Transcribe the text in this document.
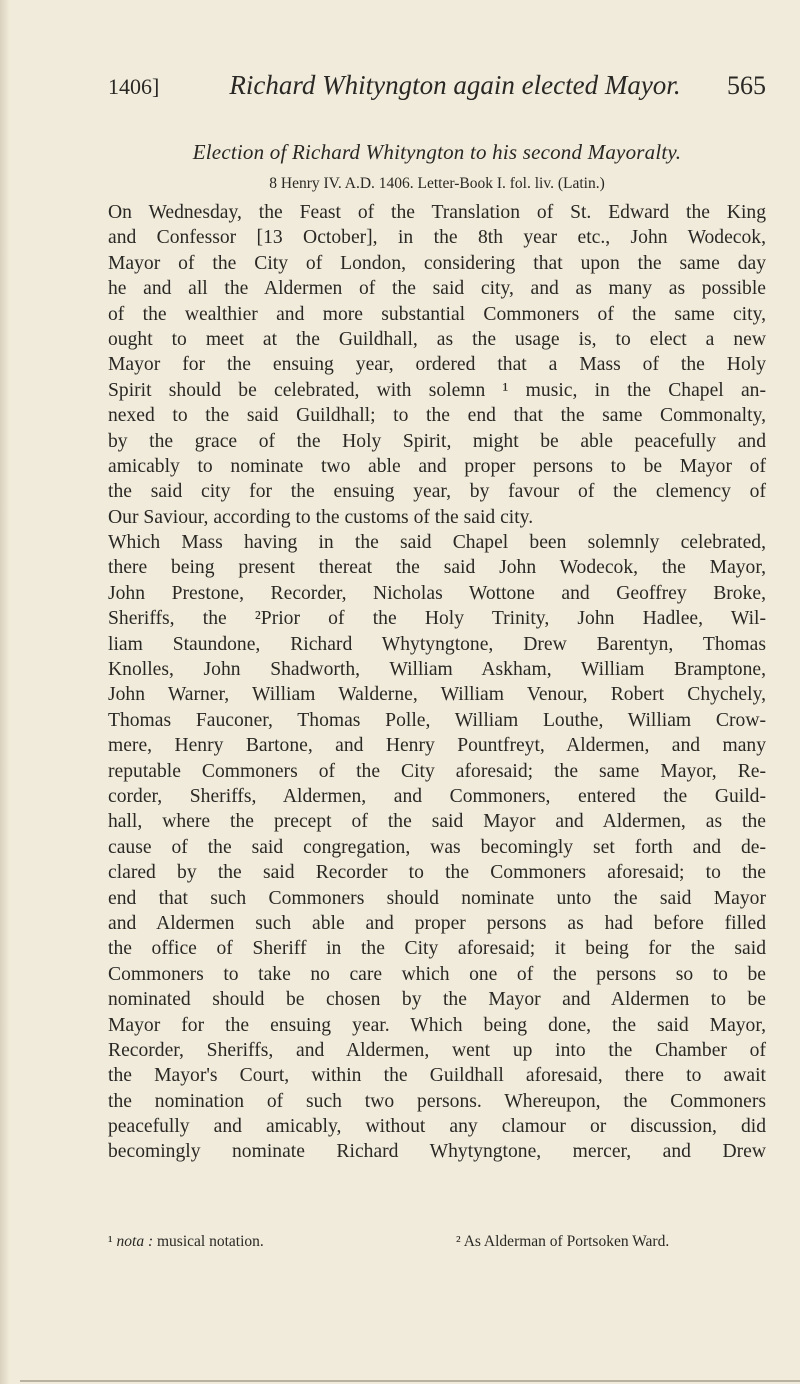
1406]	Richard Whityngton again elected Mayor.	565
Election of Richard Whityngton to his second Mayoralty.
8 Henry IV. A.D. 1406. Letter-Book I. fol. liv. (Latin.)
On Wednesday, the Feast of the Translation of St. Edward the King
and Confessor [13 October], in the 8th year etc., John Wodecok,
Mayor of the City of London, considering that upon the same day
he and all the Aldermen of the said city, and as many as possible
of the wealthier and more substantial Commoners of the same city,
ought to meet at the Guildhall, as the usage is, to elect a new
Mayor for the ensuing year, ordered that a Mass of the Holy
Spirit should be celebrated, with solemn ¹ music, in the Chapel an-
nexed to the said Guildhall; to the end that the same Commonalty,
by the grace of the Holy Spirit, might be able peacefully and
amicably to nominate two able and proper persons to be Mayor of
the said city for the ensuing year, by favour of the clemency of
Our Saviour, according to the customs of the said city.
Which Mass having in the said Chapel been solemnly celebrated,
there being present thereat the said John Wodecok, the Mayor,
John Prestone, Recorder, Nicholas Wottone and Geoffrey Broke,
Sheriffs, the ²Prior of the Holy Trinity, John Hadlee, Wil-
liam Staundone, Richard Whytyngtone, Drew Barentyn, Thomas
Knolles, John Shadworth, William Askham, William Bramptone,
John Warner, William Walderne, William Venour, Robert Chychely,
Thomas Fauconer, Thomas Polle, William Louthe, William Crow-
mere, Henry Bartone, and Henry Pountfreyt, Aldermen, and many
reputable Commoners of the City aforesaid; the same Mayor, Re-
corder, Sheriffs, Aldermen, and Commoners, entered the Guild-
hall, where the precept of the said Mayor and Aldermen, as the
cause of the said congregation, was becomingly set forth and de-
clared by the said Recorder to the Commoners aforesaid; to the
end that such Commoners should nominate unto the said Mayor
and Aldermen such able and proper persons as had before filled
the office of Sheriff in the City aforesaid; it being for the said
Commoners to take no care which one of the persons so to be
nominated should be chosen by the Mayor and Aldermen to be
Mayor for the ensuing year. Which being done, the said Mayor,
Recorder, Sheriffs, and Aldermen, went up into the Chamber of
the Mayor's Court, within the Guildhall aforesaid, there to await
the nomination of such two persons. Whereupon, the Commoners
peacefully and amicably, without any clamour or discussion, did
becomingly nominate Richard Whytyngtone, mercer, and Drew
¹ nota : musical notation.	² As Alderman of Portsoken Ward.
